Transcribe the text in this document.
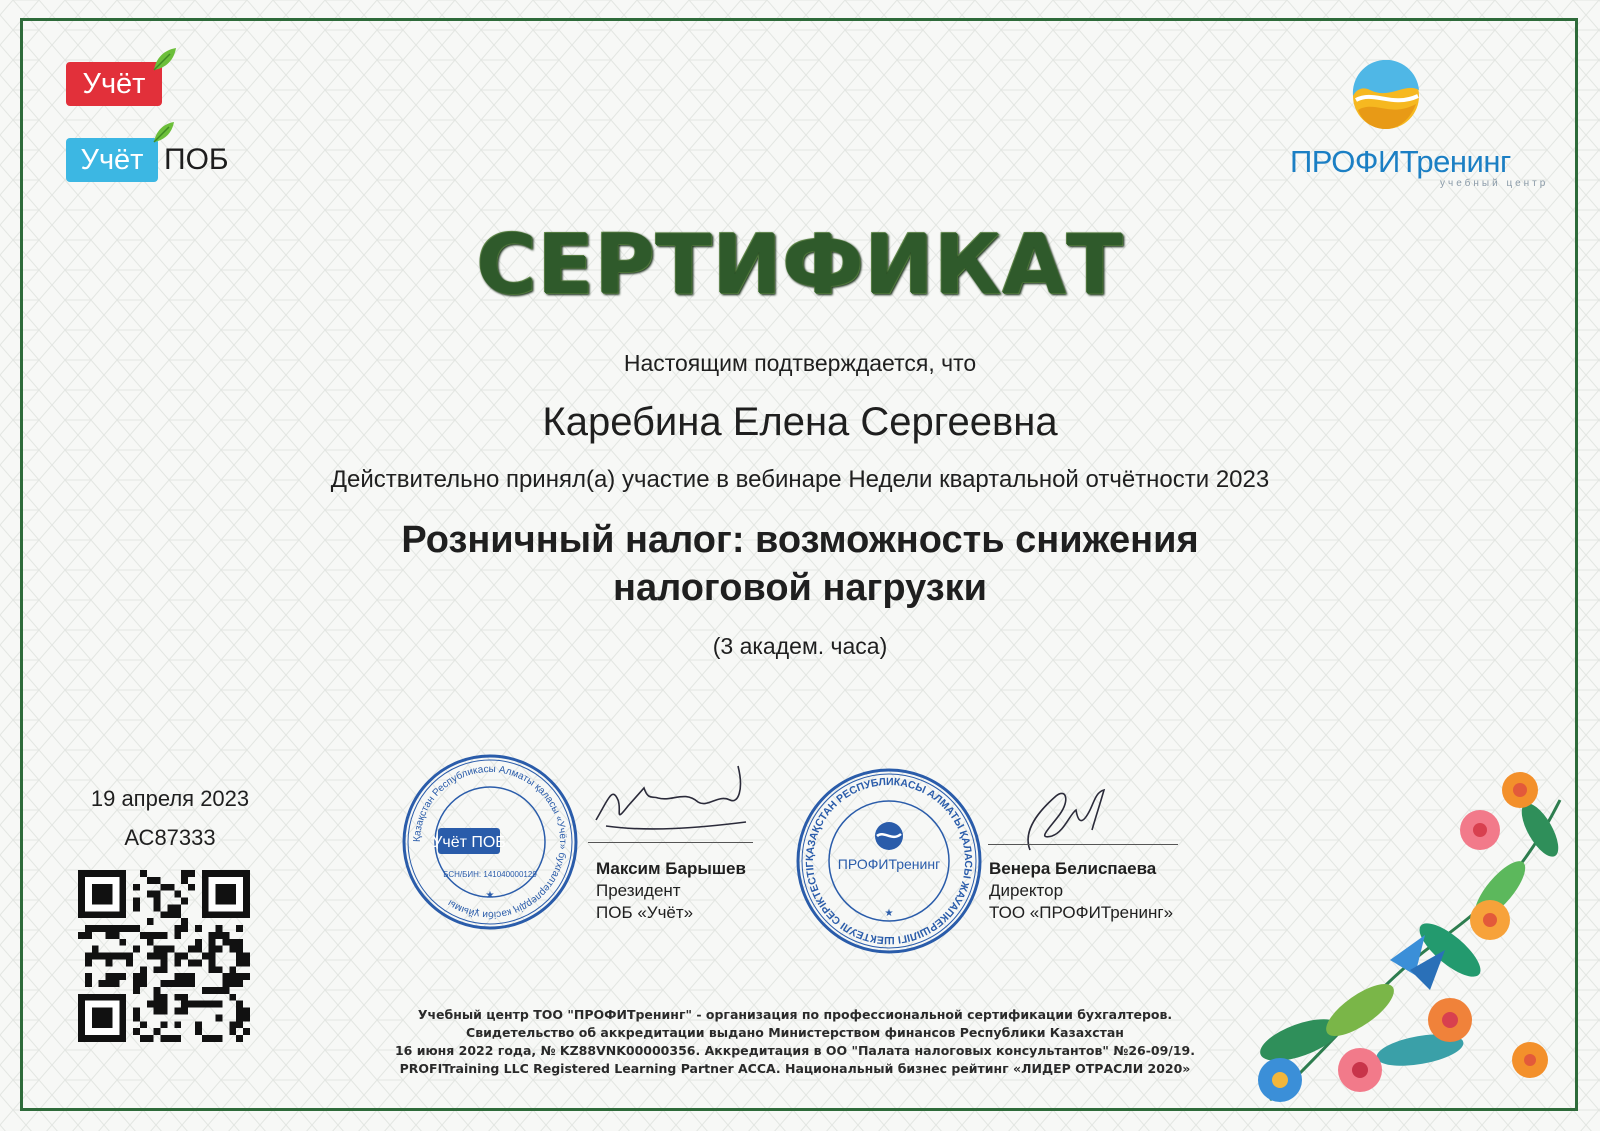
Учёт
Учёт ПОБ	ПРОФИТренинг
учебный центр
СЕРТИФИКАТ
Настоящим подтверждается, что
Каребина Елена Сергеевна
Действительно принял(а) участие в вебинаре Недели квартальной отчётности 2023
Розничный налог: возможность снижения
налоговой нагрузки
(3 академ. часа)
19 апреля 2023
АС87333	Қазақстан Республикасы Алматы қаласы «Учёт» бухгалтерлердің кәсіби ұйымы
Учёт ПОБ
БСН/БИН: 141040000129
★
Максим Барышев
Президент
ПОБ «Учёт»
ҚАЗАҚСТАН РЕСПУБЛИКАСЫ АЛМАТЫ ҚАЛАСЫ ЖАУАПКЕРШІЛІГІ ШЕКТЕУЛІ СЕРІКТЕСТІГ	ПРОФИТренинг
★
Венера Белиспаева
Директор
ТОО «ПРОФИТренинг»
Учебный центр ТОО "ПРОФИТренинг" - организация по профессиональной сертификации бухгалтеров.
Свидетельство об аккредитации выдано Министерством финансов Республики Казахстан
16 июня 2022 года, № KZ88VNK00000356. Аккредитация в ОО "Палата налоговых консультантов" №26-09/19.
PROFITraining LLC Registered Learning Partner ACCA. Национальный бизнес рейтинг «ЛИДЕР ОТРАСЛИ 2020»
